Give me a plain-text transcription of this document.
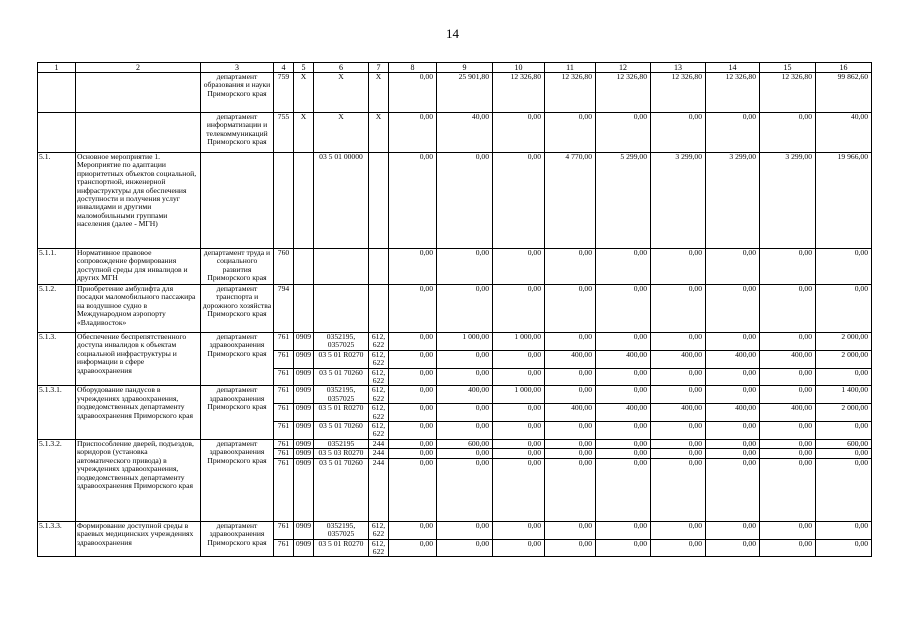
14
1	2	3	4	5	6	7	8	9	10	11	12	13	14	15	16
		департамент образования и науки Приморского края	759	X	X	X	0,00	25 901,80	12 326,80	12 326,80	12 326,80	12 326,80	12 326,80	12 326,80	99 862,60
		департамент информатизации и телекоммуникаций Приморского края	755	X	X	X	0,00	40,00	0,00	0,00	0,00	0,00	0,00	0,00	40,00
5.1.	Основное мероприятие 1. Мероприятие по адаптации приоритетных объектов социальной, транспортной, инженерной инфраструктуры для обеспечения доступности и получения услуг инвалидами и другими маломобильными группами населения (далее - МГН)				03 5 01 00000		0,00	0,00	0,00	4 770,00	5 299,00	3 299,00	3 299,00	3 299,00	19 966,00
5.1.1.	Нормативное правовое сопровождение формирования доступной среды для инвалидов и других МГН	департамент труда и социального развития Приморского края	760				0,00	0,00	0,00	0,00	0,00	0,00	0,00	0,00	0,00
5.1.2.	Приобретение амбулифта для посадки маломобильного пассажира на воздушное судно в Международном аэропорту «Владивосток»	департамент транспорта и дорожного хозяйства Приморского края	794				0,00	0,00	0,00	0,00	0,00	0,00	0,00	0,00	0,00
5.1.3.	Обеспечение беспрепятственного доступа инвалидов к объектам социальной инфраструктуры и информации в сфере здравоохранения	департамент здравоохранения Приморского края	761	0909	0352195, 0357025	612, 622	0,00	1 000,00	1 000,00	0,00	0,00	0,00	0,00	0,00	2 000,00
			761	0909	03 5 01 R0270	612, 622	0,00	0,00	0,00	400,00	400,00	400,00	400,00	400,00	2 000,00
			761	0909	03 5 01 70260	612, 622	0,00	0,00	0,00	0,00	0,00	0,00	0,00	0,00	0,00
5.1.3.1.	Оборудование пандусов в учреждениях здравоохранения, подведомственных департаменту здравоохранения Приморского края	департамент здравоохранения Приморского края	761	0909	0352195, 0357025	612, 622	0,00	400,00	1 000,00	0,00	0,00	0,00	0,00	0,00	1 400,00
			761	0909	03 5 01 R0270	612, 622	0,00	0,00	0,00	400,00	400,00	400,00	400,00	400,00	2 000,00
			761	0909	03 5 01 70260	612, 622	0,00	0,00	0,00	0,00	0,00	0,00	0,00	0,00	0,00
5.1.3.2.	Приспособление дверей, подъездов, коридоров (установка автоматического привода) в учреждениях здравоохранения, подведомственных департаменту здравоохранения Приморского края	департамент здравоохранения Приморского края	761	0909	0352195	244	0,00	600,00	0,00	0,00	0,00	0,00	0,00	0,00	600,00
			761	0909	03 5 03 R0270	244	0,00	0,00	0,00	0,00	0,00	0,00	0,00	0,00	0,00
			761	0909	03 5 01 70260	244	0,00	0,00	0,00	0,00	0,00	0,00	0,00	0,00	0,00
5.1.3.3.	Формирование доступной среды в краевых медицинских учреждениях здравоохранения	департамент здравоохранения Приморского края	761	0909	0352195, 0357025	612, 622	0,00	0,00	0,00	0,00	0,00	0,00	0,00	0,00	0,00
			761	0909	03 5 01 R0270	612, 622	0,00	0,00	0,00	0,00	0,00	0,00	0,00	0,00	0,00
